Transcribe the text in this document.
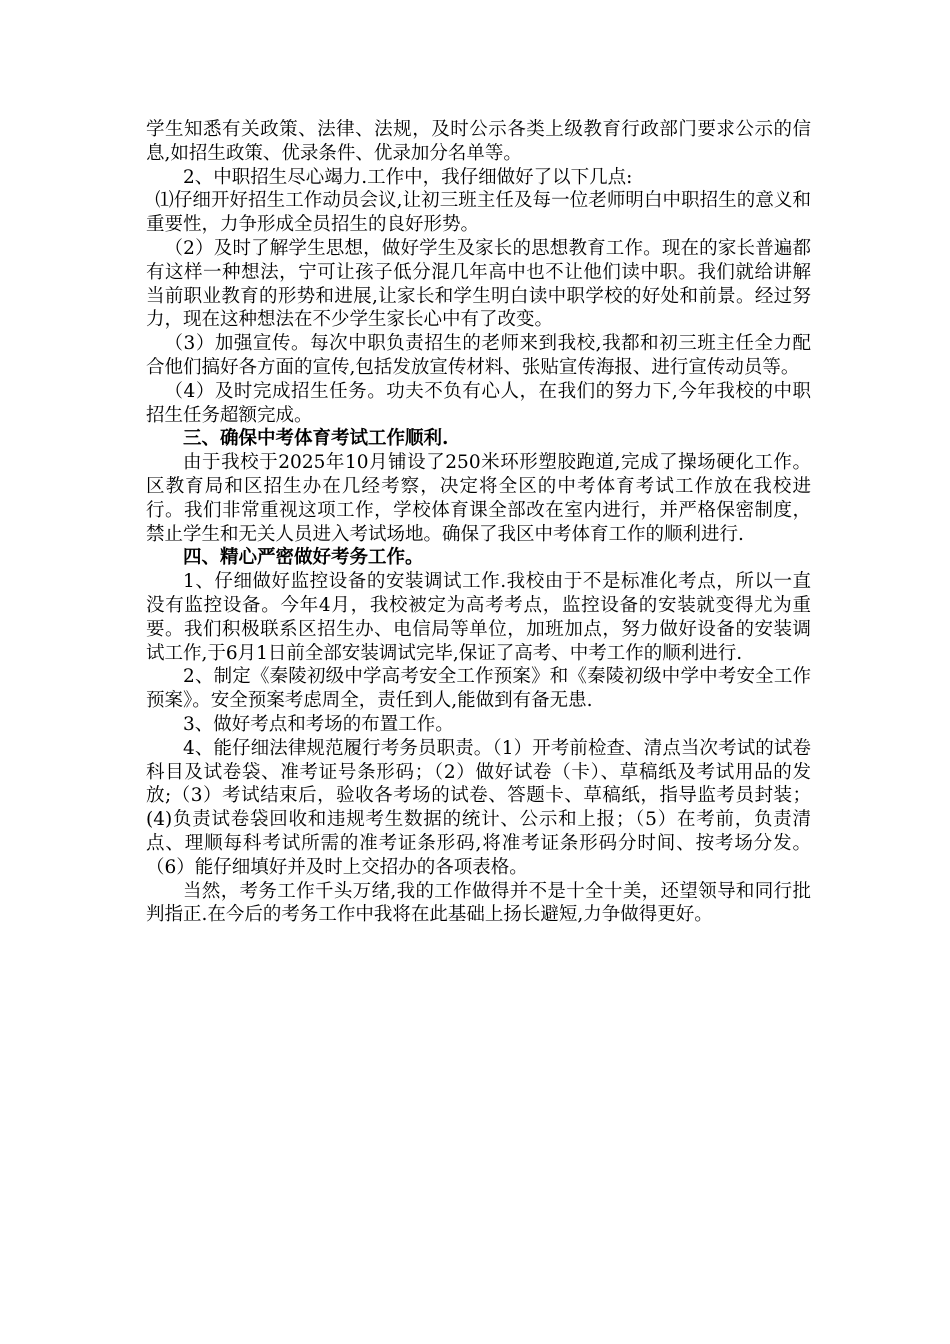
学生知悉有关政策、法律、法规，及时公示各类上级教育行政部门要求公示的信息,如招生政策、优录条件、优录加分名单等。

2、中职招生尽心竭力.工作中，我仔细做好了以下几点:

⑴仔细开好招生工作动员会议,让初三班主任及每一位老师明白中职招生的意义和重要性，力争形成全员招生的良好形势。

（2）及时了解学生思想，做好学生及家长的思想教育工作。现在的家长普遍都有这样一种想法，宁可让孩子低分混几年高中也不让他们读中职。我们就给讲解当前职业教育的形势和进展,让家长和学生明白读中职学校的好处和前景。经过努力，现在这种想法在不少学生家长心中有了改变。

（3）加强宣传。每次中职负责招生的老师来到我校,我都和初三班主任全力配合他们搞好各方面的宣传,包括发放宣传材料、张贴宣传海报、进行宣传动员等。

（4）及时完成招生任务。功夫不负有心人，在我们的努力下,今年我校的中职招生任务超额完成。

三、确保中考体育考试工作顺利.

由于我校于2025年10月铺设了250米环形塑胶跑道,完成了操场硬化工作。区教育局和区招生办在几经考察，决定将全区的中考体育考试工作放在我校进行。我们非常重视这项工作，学校体育课全部改在室内进行，并严格保密制度，禁止学生和无关人员进入考试场地。确保了我区中考体育工作的顺利进行.

四、精心严密做好考务工作。

1、仔细做好监控设备的安装调试工作.我校由于不是标准化考点，所以一直没有监控设备。今年4月，我校被定为高考考点，监控设备的安装就变得尤为重要。我们积极联系区招生办、电信局等单位，加班加点，努力做好设备的安装调试工作,于6月1日前全部安装调试完毕,保证了高考、中考工作的顺利进行.

2、制定《秦陵初级中学高考安全工作预案》和《秦陵初级中学中考安全工作预案》。安全预案考虑周全，责任到人,能做到有备无患.

3、做好考点和考场的布置工作。

4、能仔细法律规范履行考务员职责。（1）开考前检查、清点当次考试的试卷科目及试卷袋、准考证号条形码；（2）做好试卷（卡）、草稿纸及考试用品的发放;（3）考试结束后，验收各考场的试卷、答题卡、草稿纸，指导监考员封装；(4)负责试卷袋回收和违规考生数据的统计、公示和上报；（5）在考前，负责清点、理顺每科考试所需的准考证条形码,将准考证条形码分时间、按考场分发。（6）能仔细填好并及时上交招办的各项表格。

当然，考务工作千头万绪,我的工作做得并不是十全十美，还望领导和同行批判指正.在今后的考务工作中我将在此基础上扬长避短,力争做得更好。
